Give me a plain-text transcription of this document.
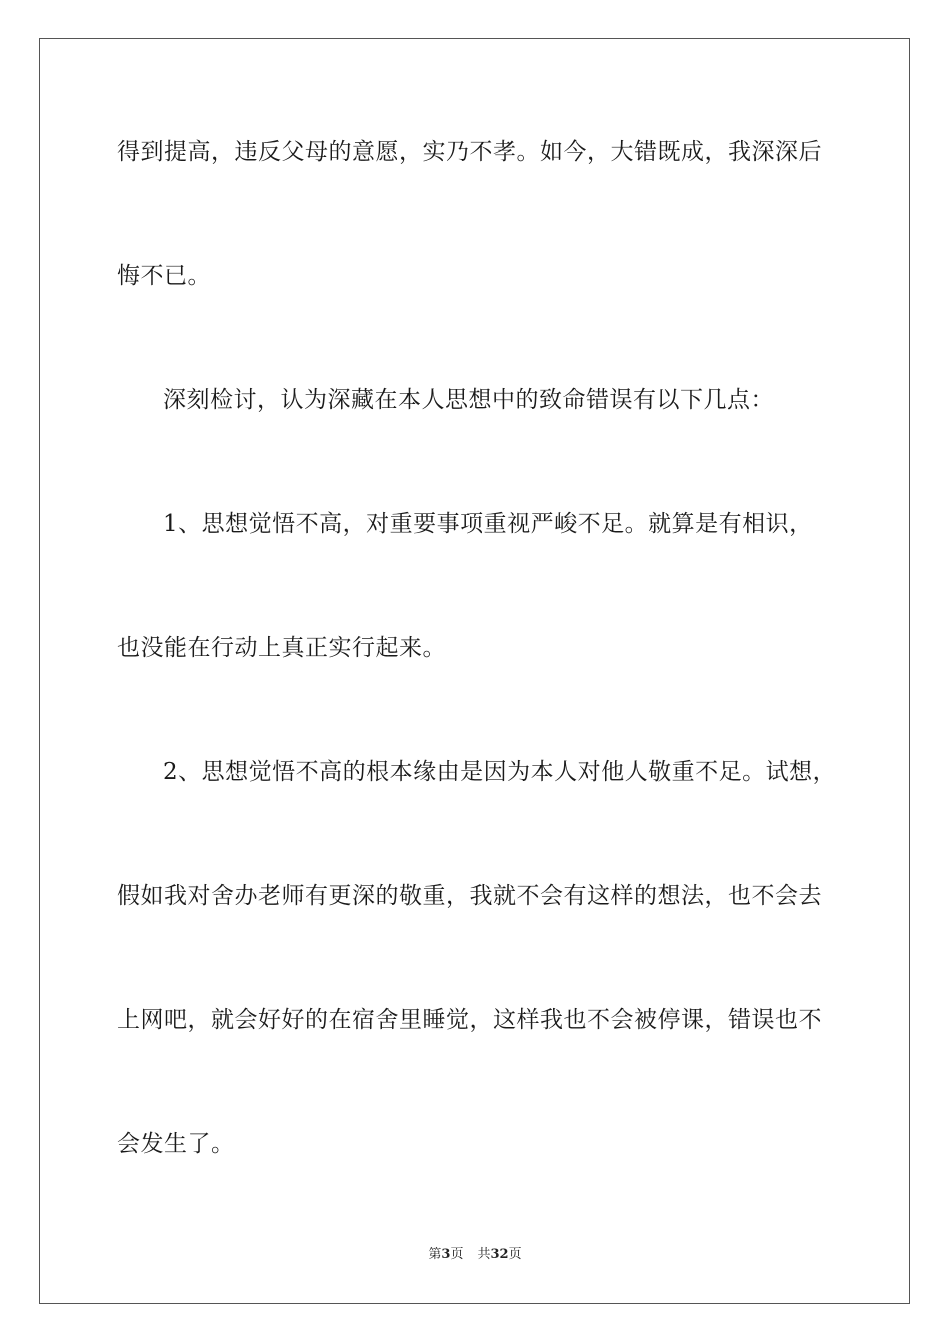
得到提高，违反父母的意愿，实乃不孝。如今，大错既成，我深深后
悔不已。
深刻检讨，认为深藏在本人思想中的致命错误有以下几点：
1、思想觉悟不高，对重要事项重视严峻不足。就算是有相识，
也没能在行动上真正实行起来。
2、思想觉悟不高的根本缘由是因为本人对他人敬重不足。试想，
假如我对舍办老师有更深的敬重，我就不会有这样的想法，也不会去
上网吧，就会好好的在宿舍里睡觉，这样我也不会被停课，错误也不
会发生了。
第3页 共32页
